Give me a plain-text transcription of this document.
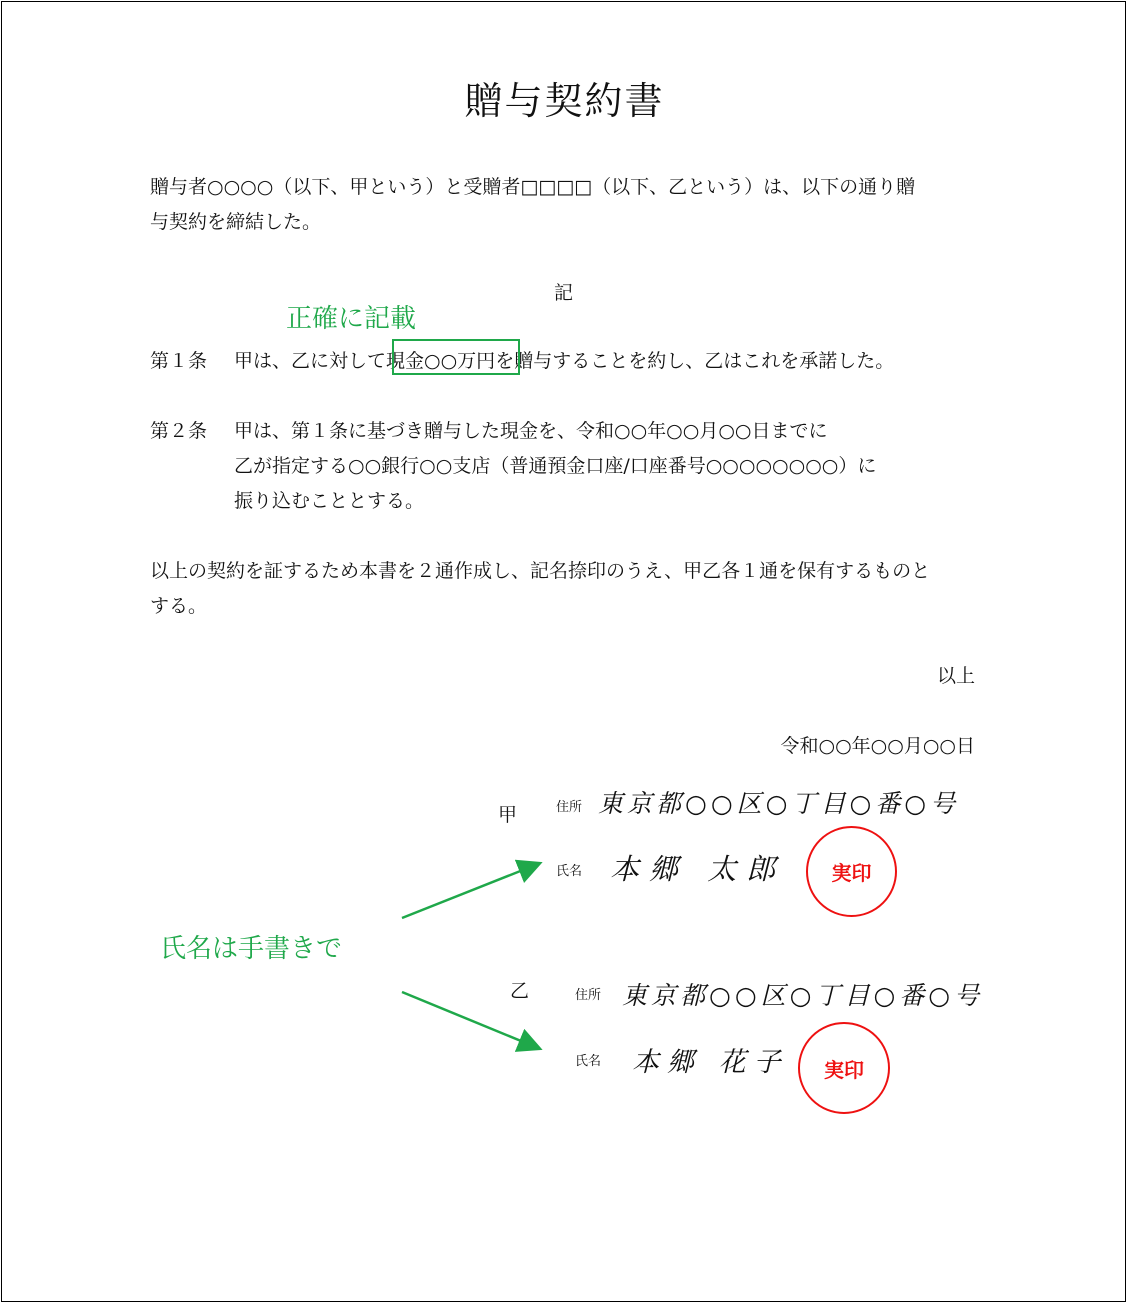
贈与契約書
贈与者○○○○（以下、甲という）と受贈者□□□□（以下、乙という）は、以下の通り贈
与契約を締結した。
記
正確に記載
第１条 甲は、乙に対して現金○○万円を贈与することを約し、乙はこれを承諾した。
第２条 甲は、第１条に基づき贈与した現金を、令和○○年○○月○○日までに
乙が指定する○○銀行○○支店（普通預金口座/口座番号○○○○○○○○）に
振り込むこととする。
以上の契約を証するため本書を２通作成し、記名捺印のうえ、甲乙各１通を保有するものと
する。
以上
令和○○年○○月○○日
甲	住所 東京都○○区○丁目○番○号
氏名 本郷 太郎 実印
乙	住所 東京都○○区○丁目○番○号
氏名 本郷 花子 実印
氏名は手書きで
